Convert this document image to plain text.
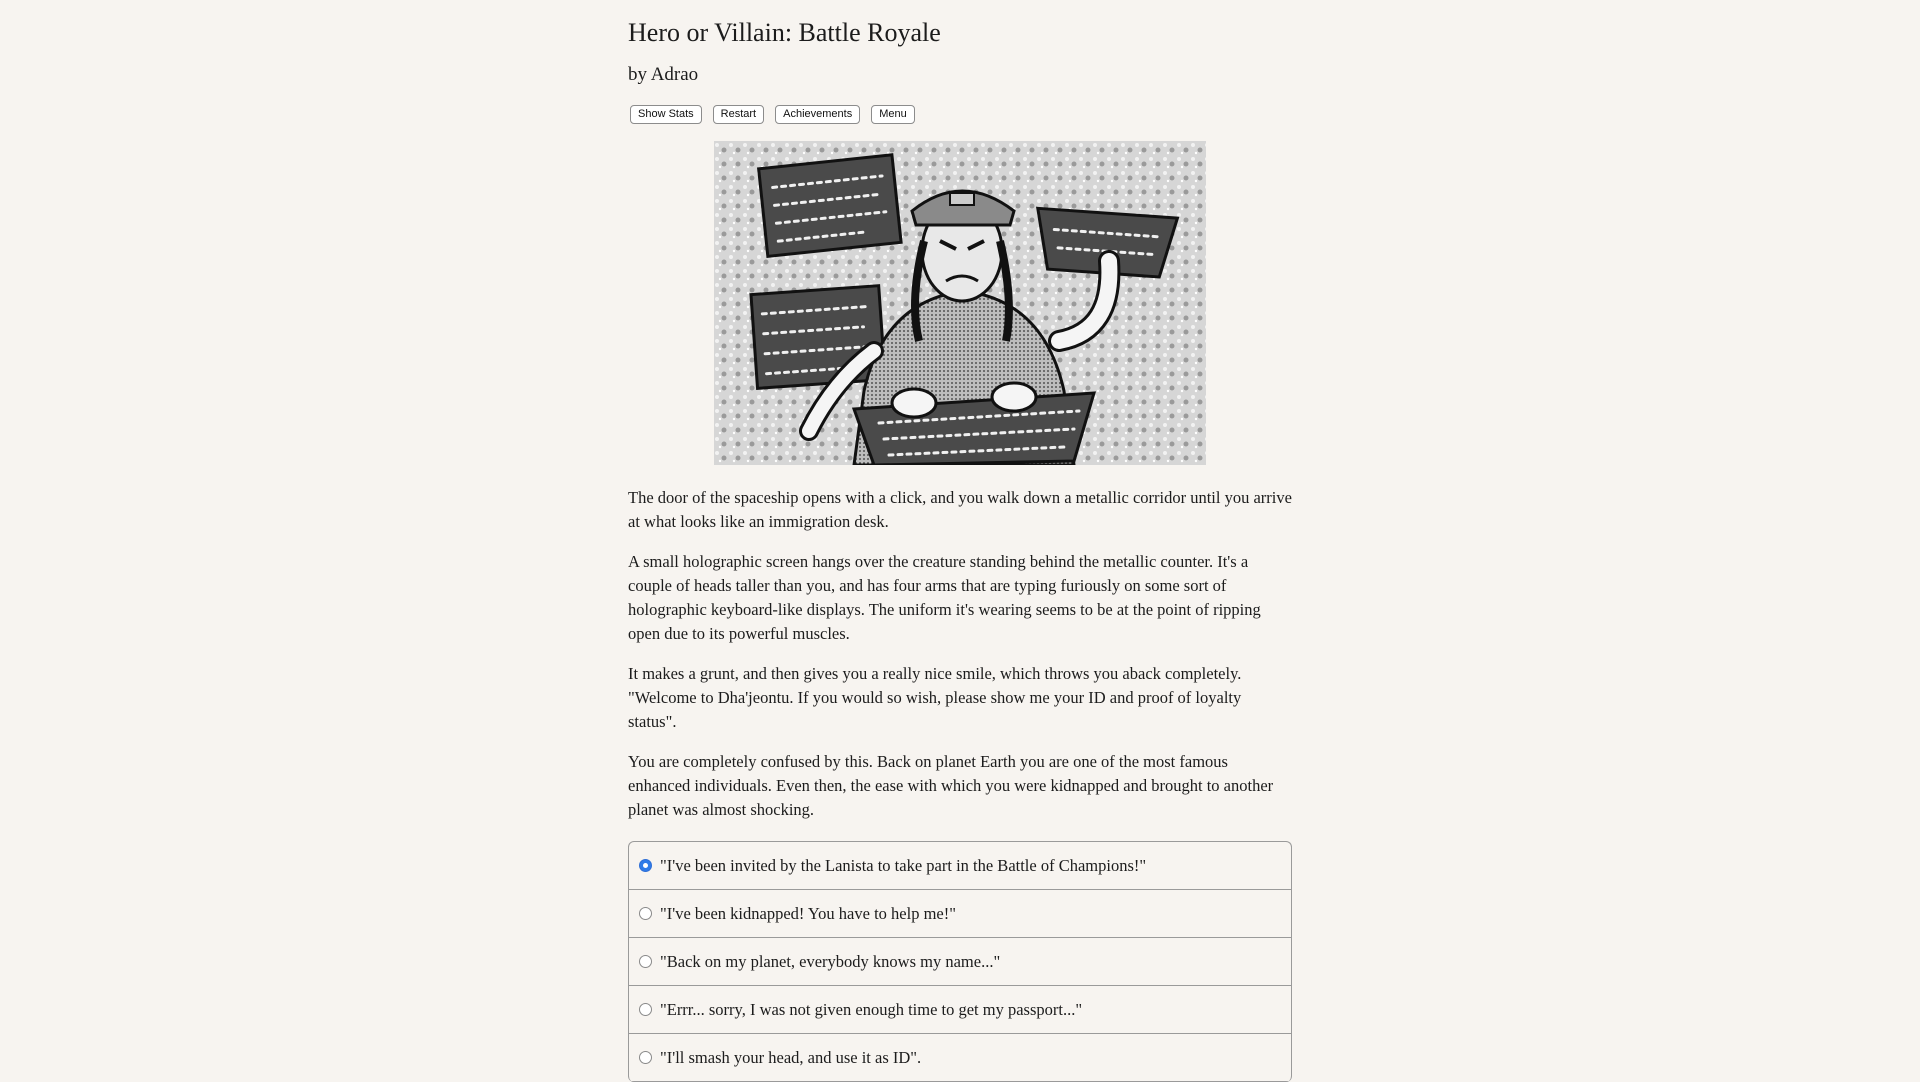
Hero or Villain: Battle Royale
by Adrao
Show Stats	Restart	Achievements	Menu

The door of the spaceship opens with a click, and you walk down a metallic corridor until you arrive at what looks like an immigration desk.

A small holographic screen hangs over the creature standing behind the metallic counter. It's a couple of heads taller than you, and has four arms that are typing furiously on some sort of holographic keyboard-like displays. The uniform it's wearing seems to be at the point of ripping open due to its powerful muscles.

It makes a grunt, and then gives you a really nice smile, which throws you aback completely. "Welcome to Dha'jeontu. If you would so wish, please show me your ID and proof of loyalty status".

You are completely confused by this. Back on planet Earth you are one of the most famous enhanced individuals. Even then, the ease with which you were kidnapped and brought to another planet was almost shocking.

"I've been invited by the Lanista to take part in the Battle of Champions!"
"I've been kidnapped! You have to help me!"
"Back on my planet, everybody knows my name..."
"Errr... sorry, I was not given enough time to get my passport..."
"I'll smash your head, and use it as ID".
